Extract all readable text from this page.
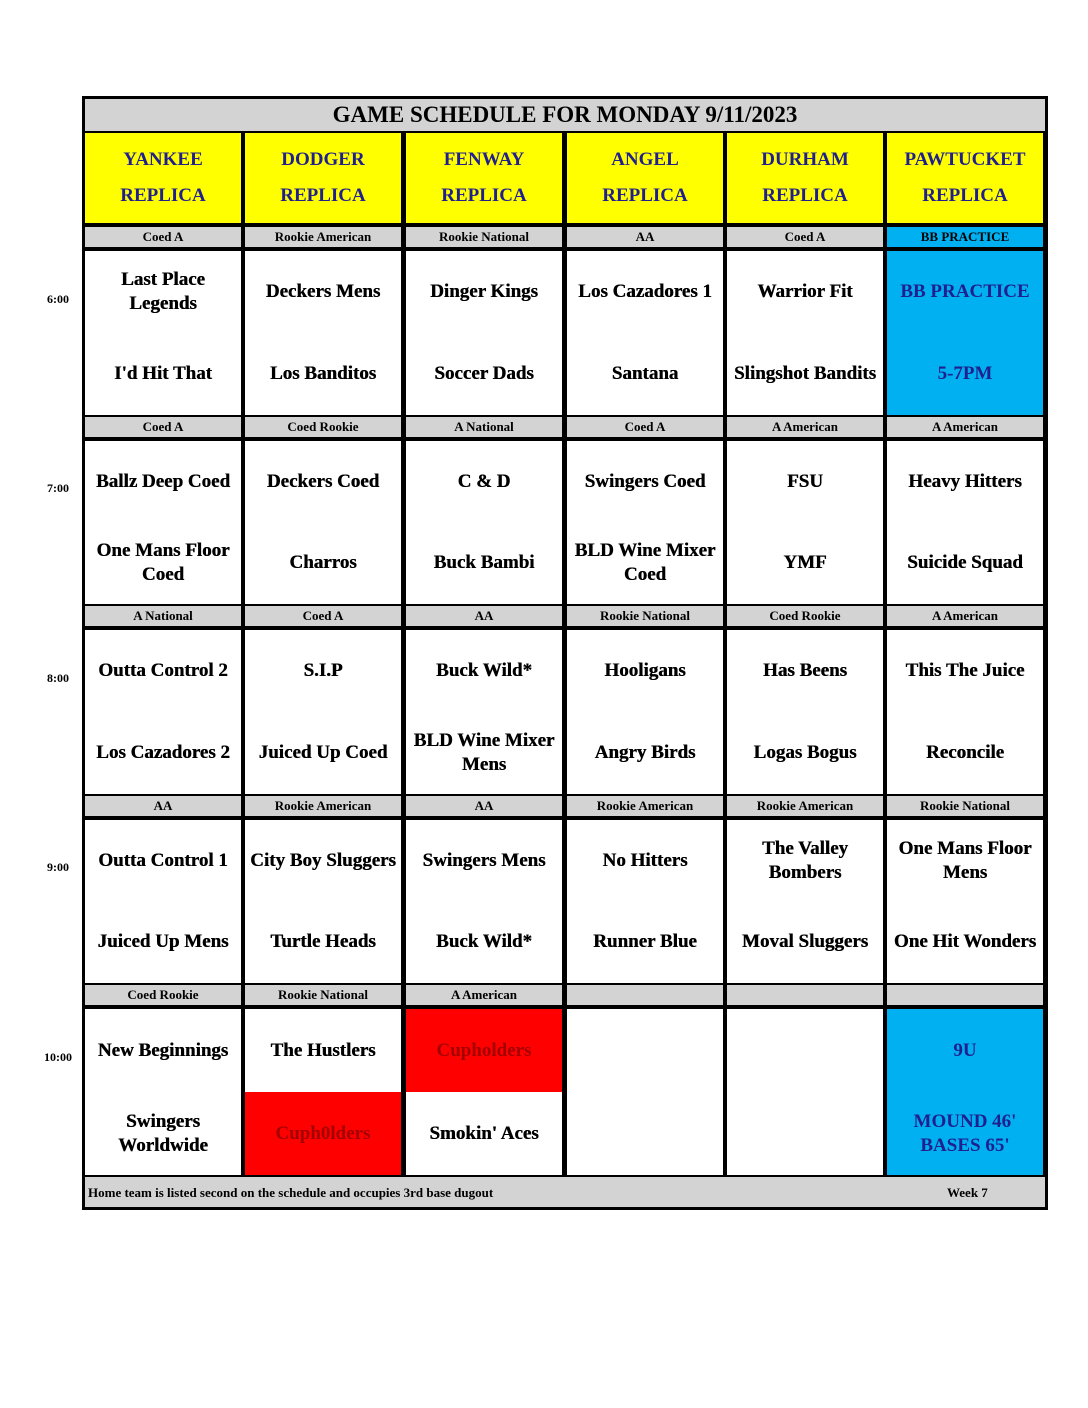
6:00
7:00
8:00
9:00
10:00
GAME SCHEDULE FOR MONDAY 9/11/2023
YANKEE
REPLICA
DODGER
REPLICA
FENWAY
REPLICA
ANGEL
REPLICA
DURHAM
REPLICA
PAWTUCKET
REPLICA
Coed A
Last Place Legends
I'd Hit That
Rookie American
Deckers Mens
Los Banditos
Rookie National
Dinger Kings
Soccer Dads
AA
Los Cazadores 1
Santana
Coed A
Warrior Fit
Slingshot Bandits
BB PRACTICE
BB PRACTICE
5-7PM
Coed A
Ballz Deep Coed
One Mans Floor Coed
Coed Rookie
Deckers Coed
Charros
A National
C & D
Buck Bambi
Coed A
Swingers Coed
BLD Wine Mixer Coed
A American
FSU
YMF
A American
Heavy Hitters
Suicide Squad
A National
Outta Control 2
Los Cazadores 2
Coed A
S.I.P
Juiced Up Coed
AA
Buck Wild*
BLD Wine Mixer Mens
Rookie National
Hooligans
Angry Birds
Coed Rookie
Has Beens
Logas Bogus
A American
This The Juice
Reconcile
AA
Outta Control 1
Juiced Up Mens
Rookie American
City Boy Sluggers
Turtle Heads
AA
Swingers Mens
Buck Wild*
Rookie American
No Hitters
Runner Blue
Rookie American
The Valley Bombers
Moval Sluggers
Rookie National
One Mans Floor Mens
One Hit Wonders
Coed Rookie
New Beginnings
Swingers Worldwide
Rookie National
The Hustlers
Cuph0lders
A American
Cupholders
Smokin' Aces
9U
MOUND 46' BASES 65'
Home team is listed second on the schedule and occupies 3rd base dugout	Week 7
